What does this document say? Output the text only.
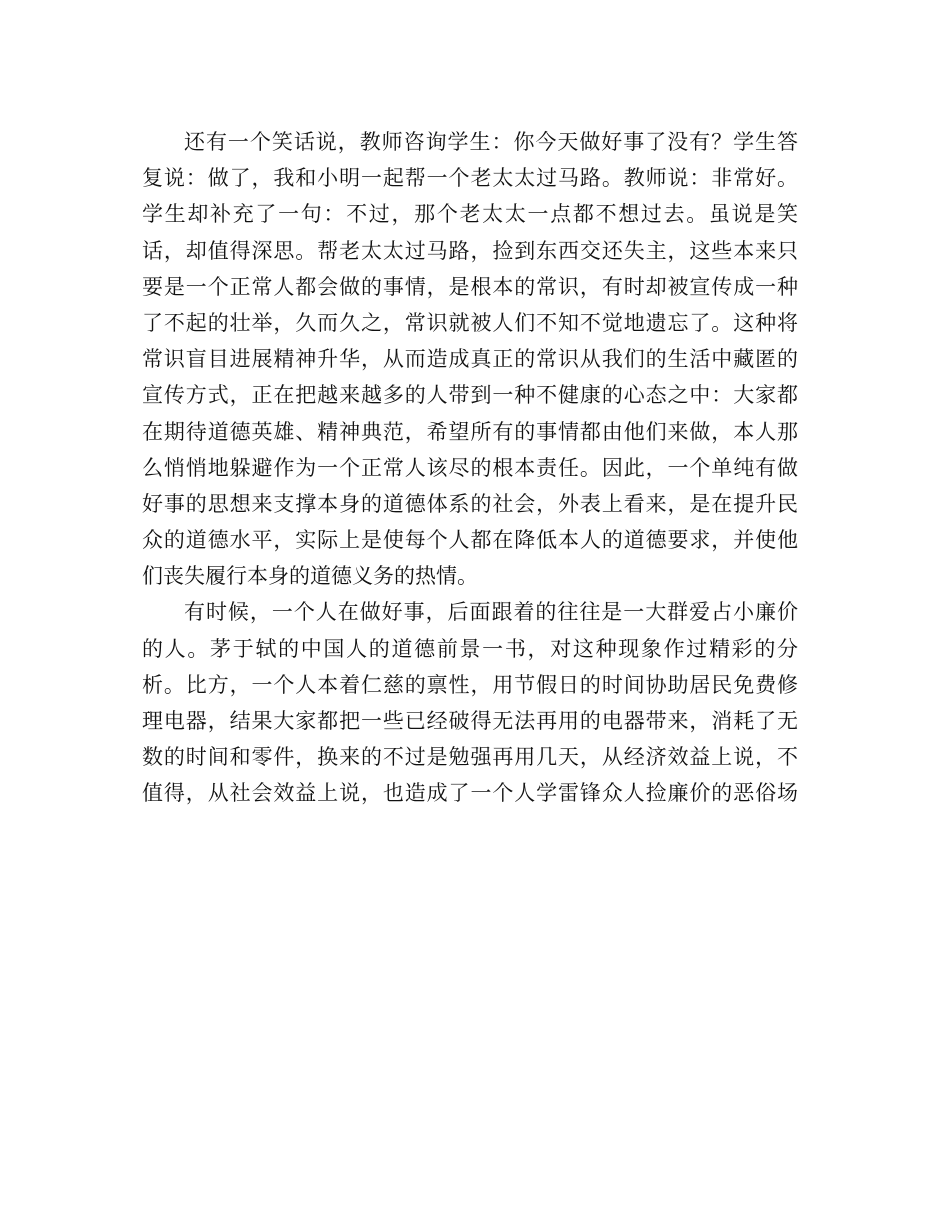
还有一个笑话说，教师咨询学生：你今天做好事了没有？学生答
复说：做了，我和小明一起帮一个老太太过马路。教师说：非常好。
学生却补充了一句：不过，那个老太太一点都不想过去。虽说是笑
话，却值得深思。帮老太太过马路，捡到东西交还失主，这些本来只
要是一个正常人都会做的事情，是根本的常识，有时却被宣传成一种
了不起的壮举，久而久之，常识就被人们不知不觉地遗忘了。这种将
常识盲目进展精神升华，从而造成真正的常识从我们的生活中藏匿的
宣传方式，正在把越来越多的人带到一种不健康的心态之中：大家都
在期待道德英雄、精神典范，希望所有的事情都由他们来做，本人那
么悄悄地躲避作为一个正常人该尽的根本责任。因此，一个单纯有做
好事的思想来支撑本身的道德体系的社会，外表上看来，是在提升民
众的道德水平，实际上是使每个人都在降低本人的道德要求，并使他
们丧失履行本身的道德义务的热情。
有时候，一个人在做好事，后面跟着的往往是一大群爱占小廉价
的人。茅于轼的中国人的道德前景一书，对这种现象作过精彩的分
析。比方，一个人本着仁慈的禀性，用节假日的时间协助居民免费修
理电器，结果大家都把一些已经破得无法再用的电器带来，消耗了无
数的时间和零件，换来的不过是勉强再用几天，从经济效益上说，不
值得，从社会效益上说，也造成了一个人学雷锋众人捡廉价的恶俗场
